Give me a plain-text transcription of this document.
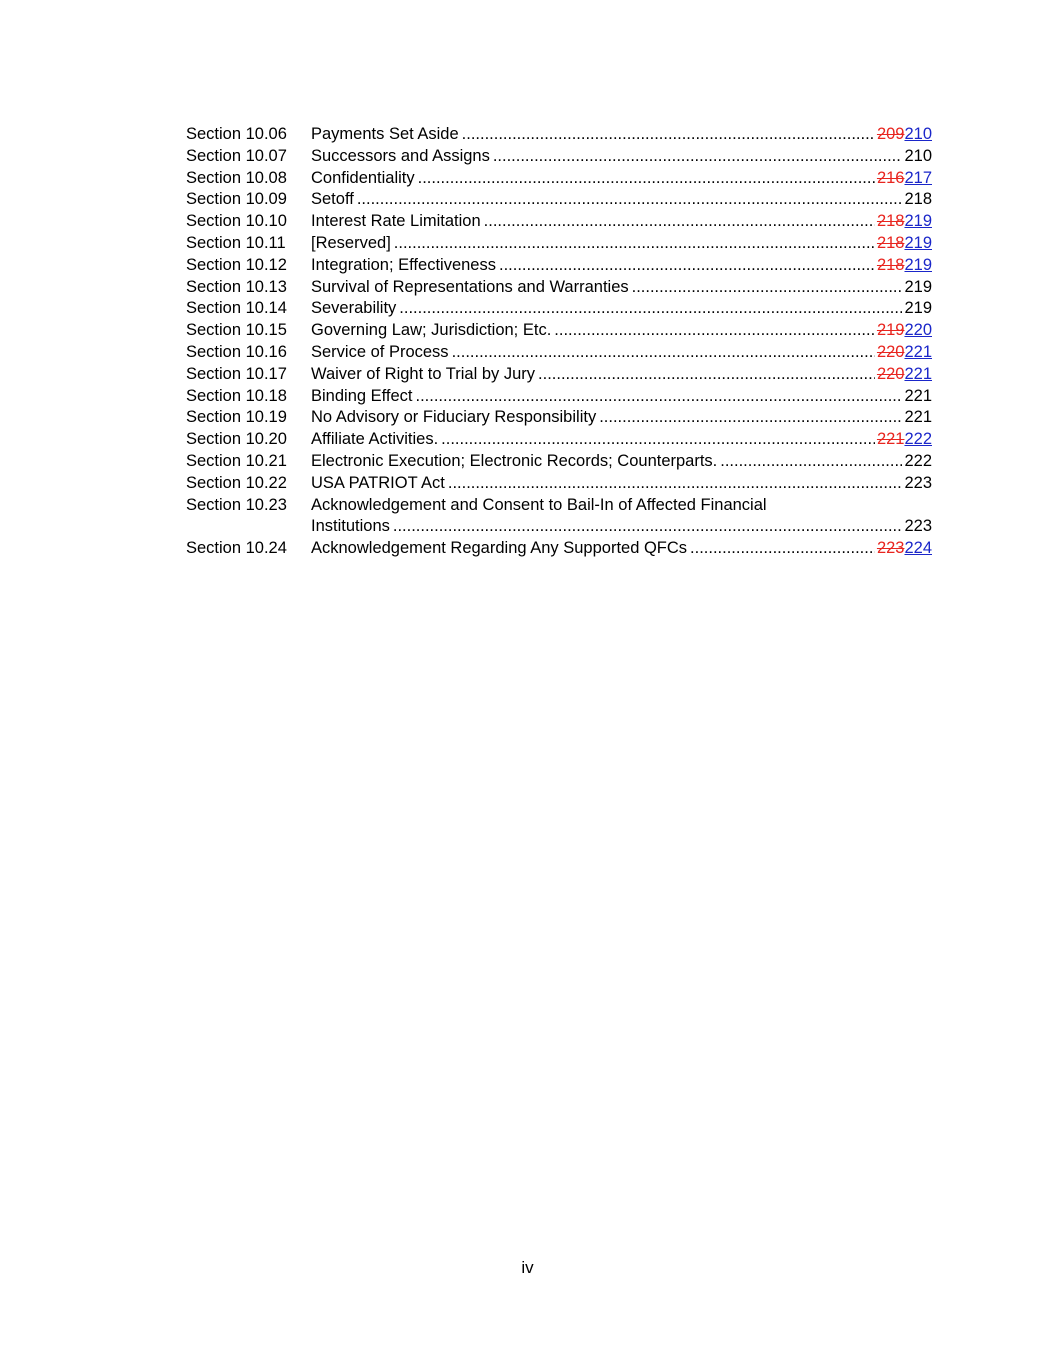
Section 10.06	Payments Set Aside .....	209210
Section 10.07	Successors and Assigns .....	210
Section 10.08	Confidentiality .....	216217
Section 10.09	Setoff .....	218
Section 10.10	Interest Rate Limitation .....	218219
Section 10.11	[Reserved] .....	218219
Section 10.12	Integration; Effectiveness .....	218219
Section 10.13	Survival of Representations and Warranties .....	219
Section 10.14	Severability .....	219
Section 10.15	Governing Law; Jurisdiction; Etc. .....	219220
Section 10.16	Service of Process .....	220221
Section 10.17	Waiver of Right to Trial by Jury .....	220221
Section 10.18	Binding Effect .....	221
Section 10.19	No Advisory or Fiduciary Responsibility .....	221
Section 10.20	Affiliate Activities. .....	221222
Section 10.21	Electronic Execution; Electronic Records; Counterparts. .....	222
Section 10.22	USA PATRIOT Act .....	223
Section 10.23	Acknowledgement and Consent to Bail-In of Affected Financial
Institutions .....	223
Section 10.24	Acknowledgement Regarding Any Supported QFCs .....	223224
iv
